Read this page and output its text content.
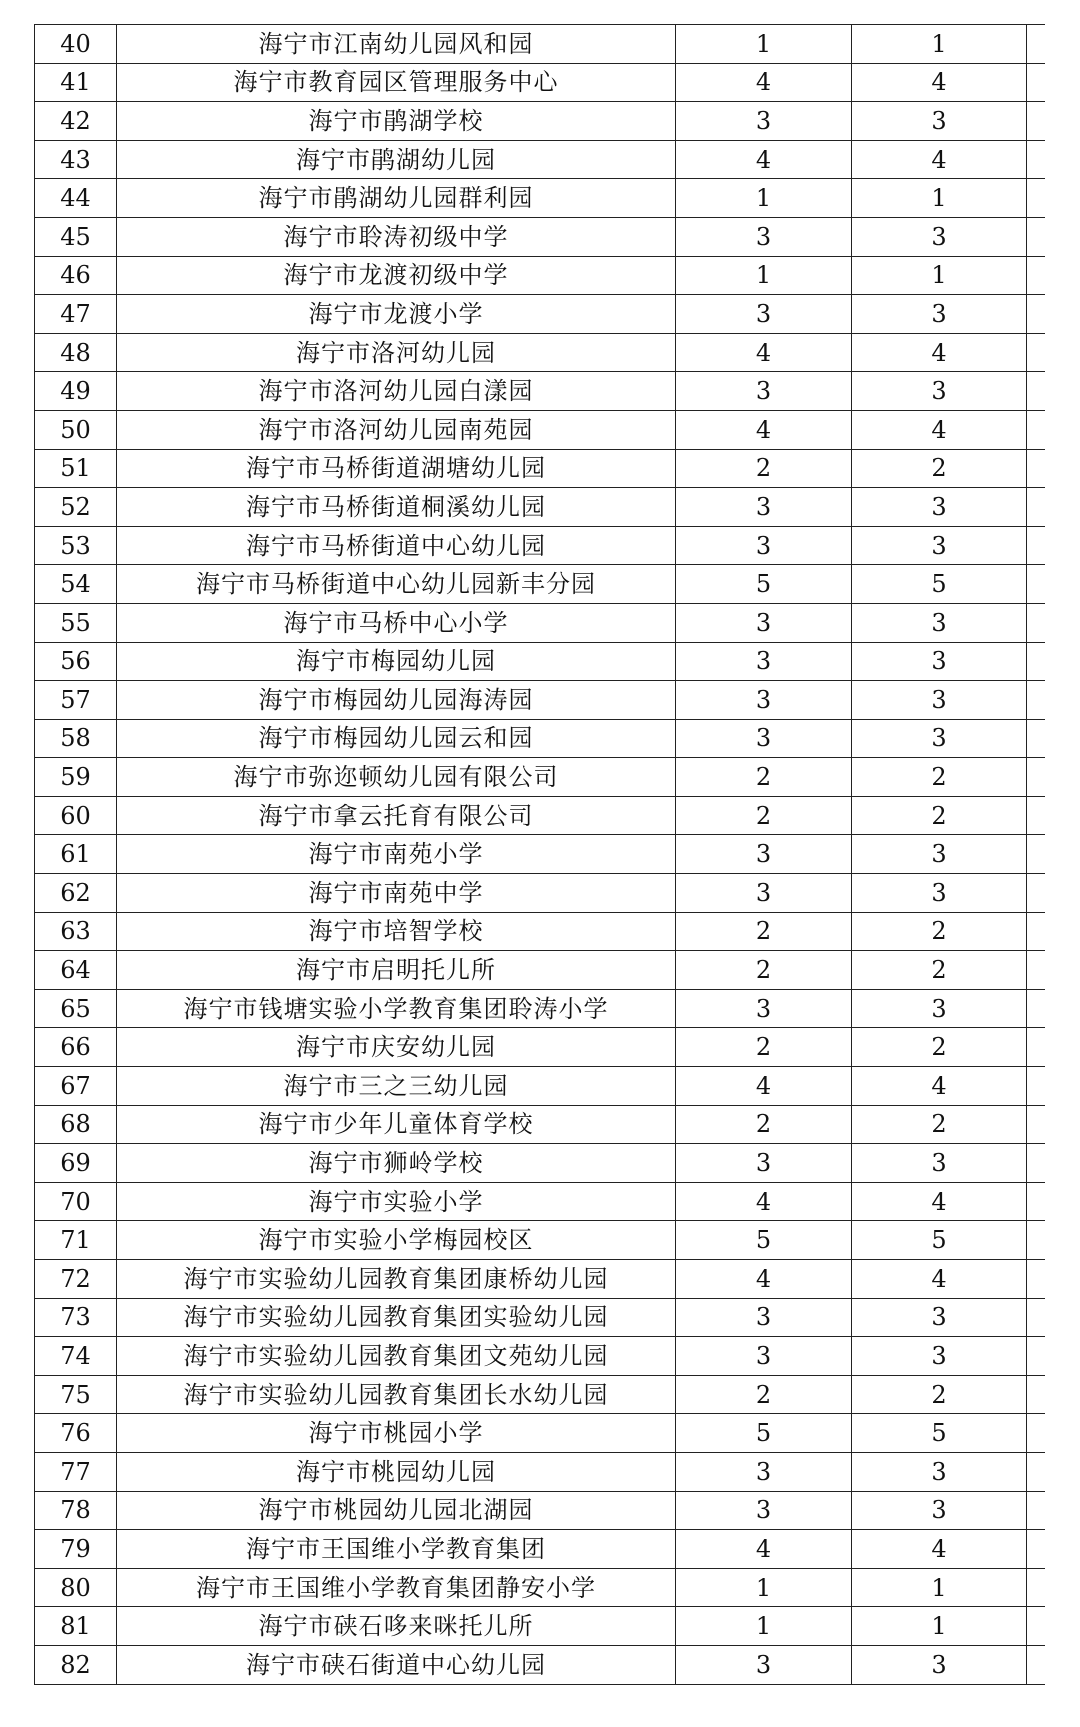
40	海宁市江南幼儿园风和园	1	1	
41	海宁市教育园区管理服务中心	4	4	
42	海宁市鹃湖学校	3	3	
43	海宁市鹃湖幼儿园	4	4	
44	海宁市鹃湖幼儿园群利园	1	1	
45	海宁市聆涛初级中学	3	3	
46	海宁市龙渡初级中学	1	1	
47	海宁市龙渡小学	3	3	
48	海宁市洛河幼儿园	4	4	
49	海宁市洛河幼儿园白漾园	3	3	
50	海宁市洛河幼儿园南苑园	4	4	
51	海宁市马桥街道湖塘幼儿园	2	2	
52	海宁市马桥街道桐溪幼儿园	3	3	
53	海宁市马桥街道中心幼儿园	3	3	
54	海宁市马桥街道中心幼儿园新丰分园	5	5	
55	海宁市马桥中心小学	3	3	
56	海宁市梅园幼儿园	3	3	
57	海宁市梅园幼儿园海涛园	3	3	
58	海宁市梅园幼儿园云和园	3	3	
59	海宁市弥迩顿幼儿园有限公司	2	2	
60	海宁市拿云托育有限公司	2	2	
61	海宁市南苑小学	3	3	
62	海宁市南苑中学	3	3	
63	海宁市培智学校	2	2	
64	海宁市启明托儿所	2	2	
65	海宁市钱塘实验小学教育集团聆涛小学	3	3	
66	海宁市庆安幼儿园	2	2	
67	海宁市三之三幼儿园	4	4	
68	海宁市少年儿童体育学校	2	2	
69	海宁市狮岭学校	3	3	
70	海宁市实验小学	4	4	
71	海宁市实验小学梅园校区	5	5	
72	海宁市实验幼儿园教育集团康桥幼儿园	4	4	
73	海宁市实验幼儿园教育集团实验幼儿园	3	3	
74	海宁市实验幼儿园教育集团文苑幼儿园	3	3	
75	海宁市实验幼儿园教育集团长水幼儿园	2	2	
76	海宁市桃园小学	5	5	
77	海宁市桃园幼儿园	3	3	
78	海宁市桃园幼儿园北湖园	3	3	
79	海宁市王国维小学教育集团	4	4	
80	海宁市王国维小学教育集团静安小学	1	1	
81	海宁市硖石哆来咪托儿所	1	1	
82	海宁市硖石街道中心幼儿园	3	3	
